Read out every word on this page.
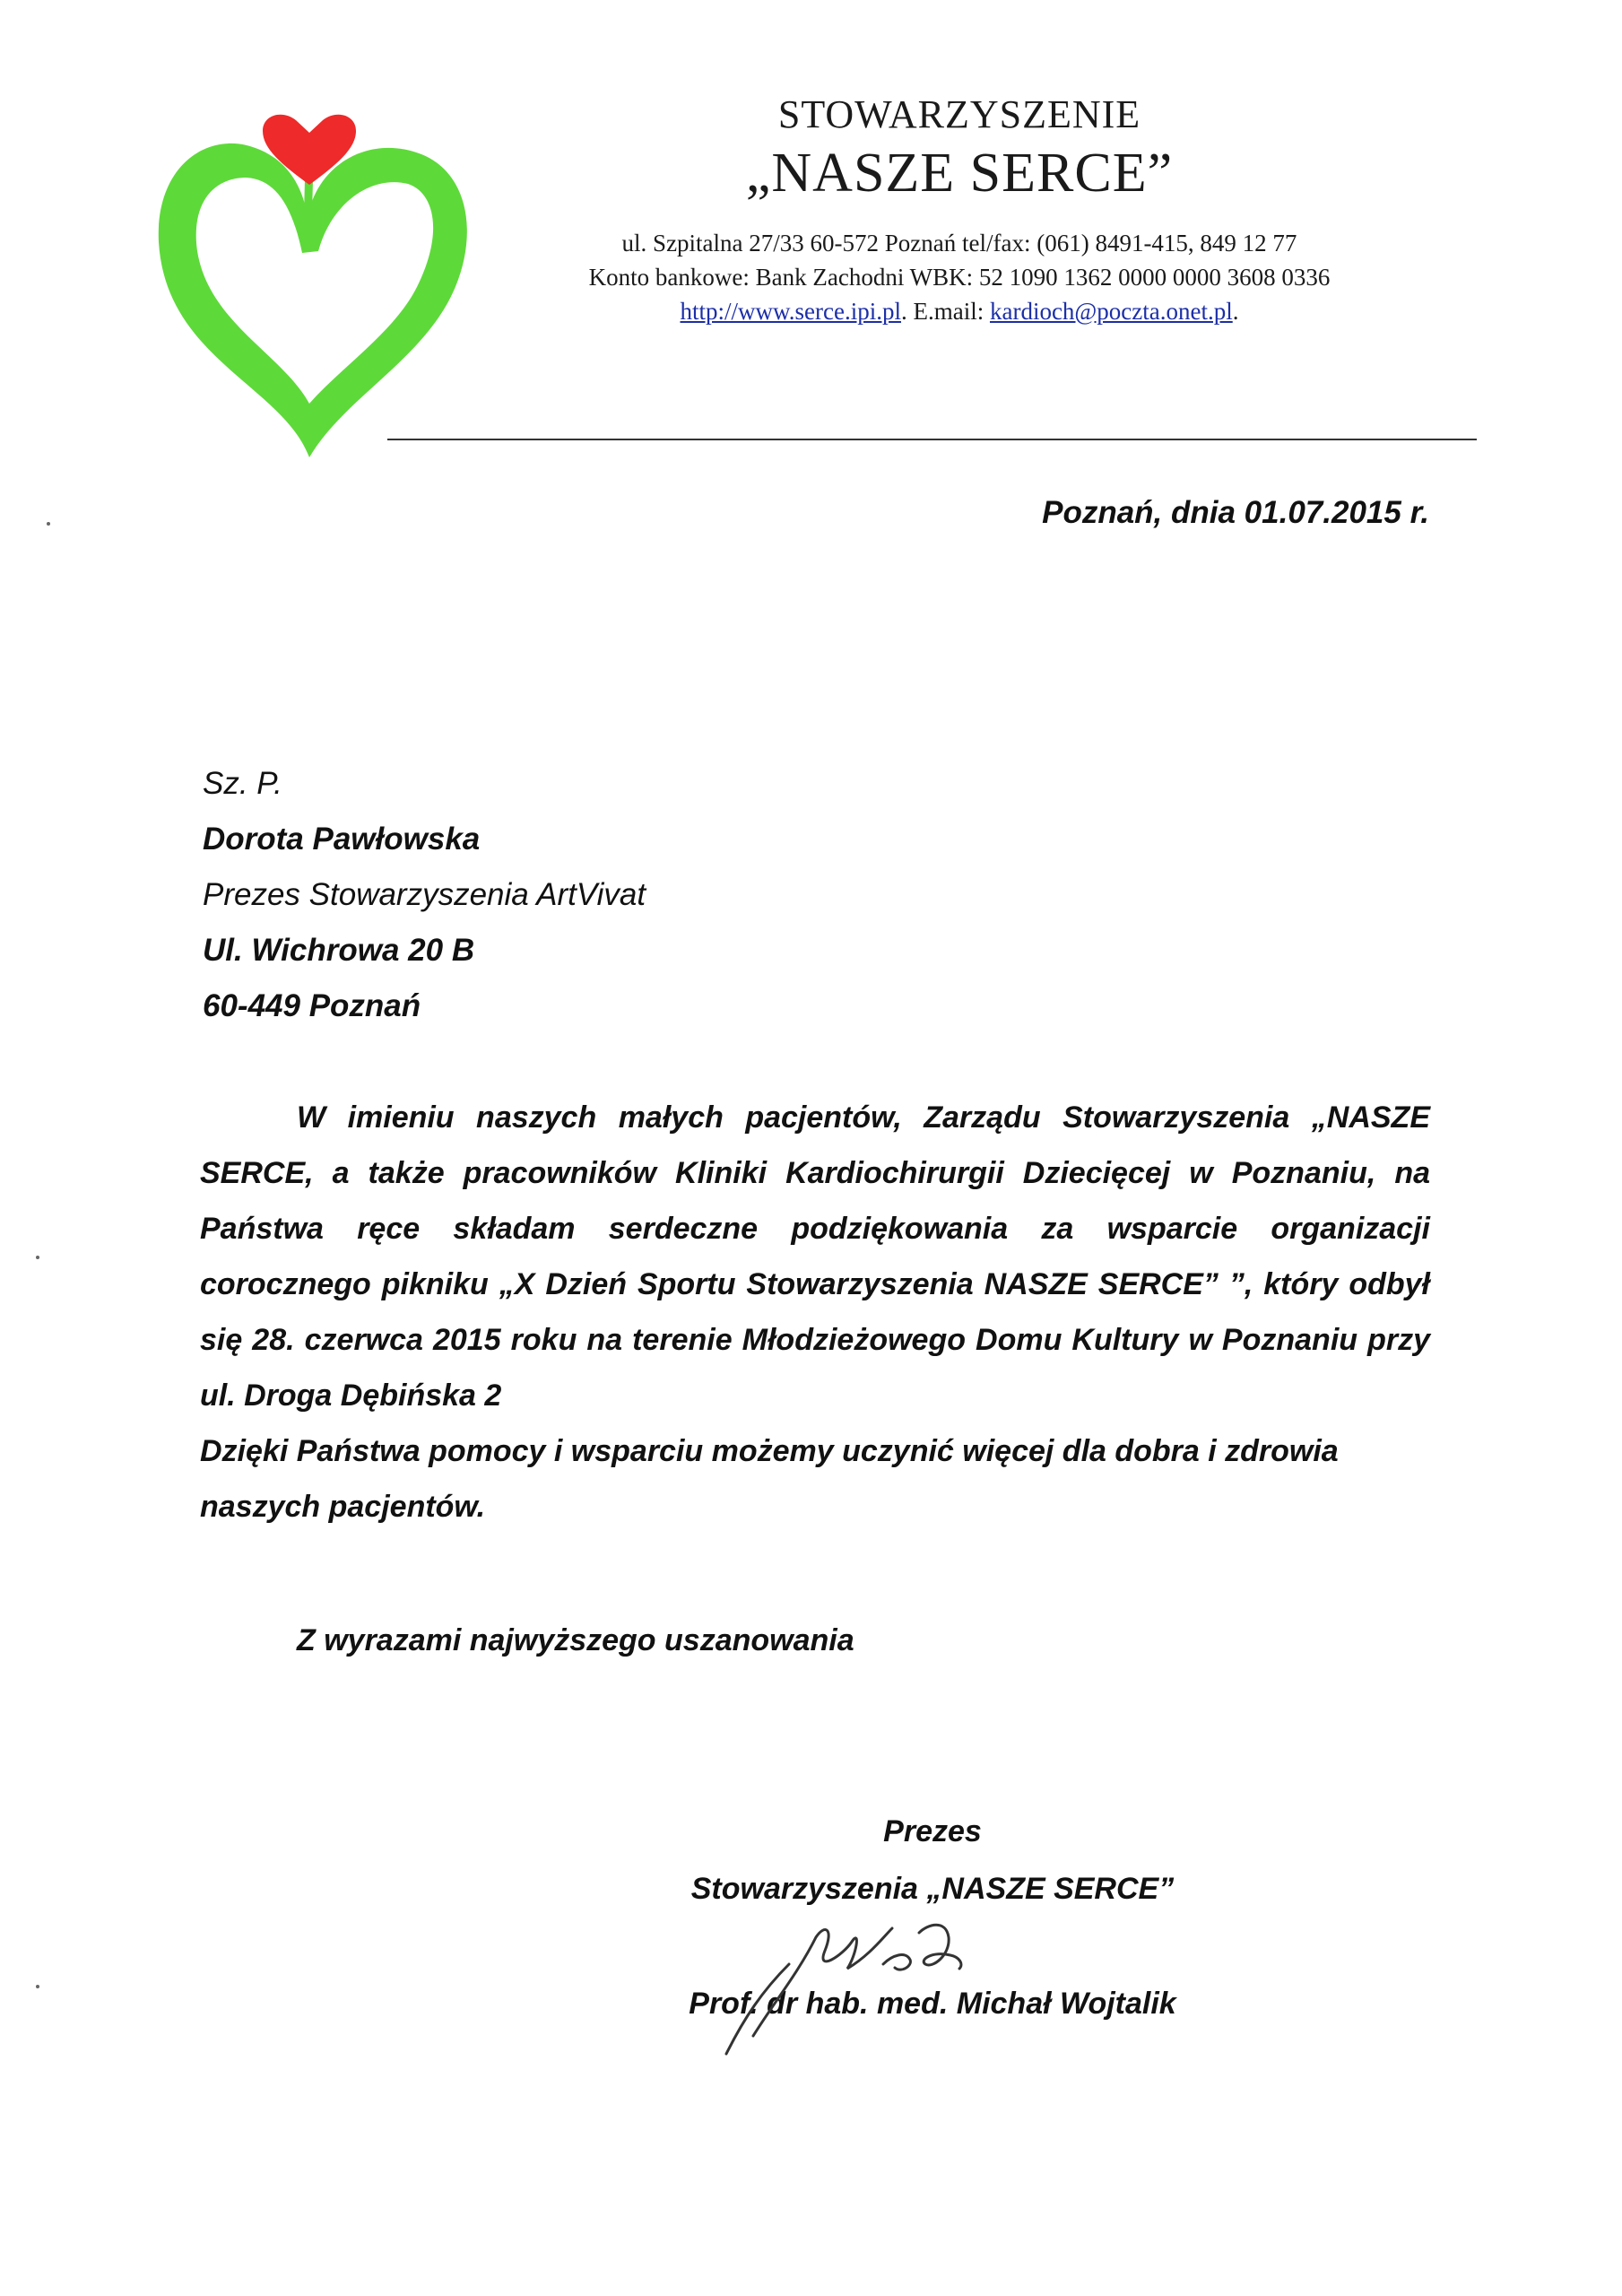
STOWARZYSZENIE
„NASZE SERCE”
ul. Szpitalna 27/33 60-572 Poznań tel/fax: (061) 8491-415, 849 12 77
Konto bankowe: Bank Zachodni WBK: 52 1090 1362 0000 0000 3608 0336
http://www.serce.ipi.pl. E.mail: kardioch@poczta.onet.pl.
Poznań, dnia 01.07.2015 r.
Sz. P.
Dorota Pawłowska
Prezes Stowarzyszenia ArtVivat
Ul. Wichrowa 20 B
60-449 Poznań

W imieniu naszych małych pacjentów, Zarządu Stowarzyszenia „NASZE SERCE, a także pracowników Kliniki Kardiochirurgii Dziecięcej w Poznaniu, na Państwa ręce składam serdeczne podziękowania za wsparcie organizacji corocznego pikniku „X Dzień Sportu Stowarzyszenia NASZE SERCE” ”, który odbył się 28. czerwca 2015 roku na terenie Młodzieżowego Domu Kultury w Poznaniu przy ul. Droga Dębińska 2

Dzięki Państwa pomocy i wsparciu możemy uczynić więcej dla dobra i zdrowia naszych pacjentów.

Z wyrazami najwyższego uszanowania
Prezes
Stowarzyszenia „NASZE SERCE”
Prof. dr hab. med. Michał Wojtalik
